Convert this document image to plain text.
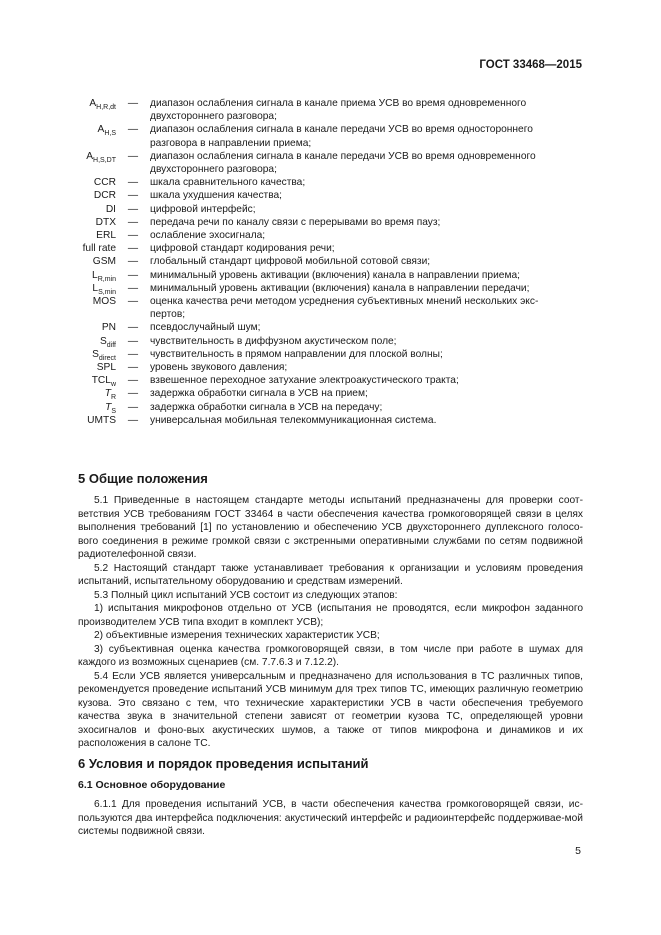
ГОСТ 33468—2015
$A_{H,R,dt}$	—	диапазон ослабления сигнала в канале приема УСВ во время одновременного
двухстороннего разговора;
$A_{H,S}$	—	диапазон ослабления сигнала в канале передачи УСВ во время одностороннего
разговора в направлении приема;
$A_{H,S,DT}$	—	диапазон ослабления сигнала в канале передачи УСВ во время одновременного
двухстороннего разговора;
CCR	—	шкала сравнительного качества;
DCR	—	шкала ухудшения качества;
DI	—	цифровой интерфейс;
DTX	—	передача речи по каналу связи с перерывами во время пауз;
ERL	—	ослабление эхосигнала;
full rate	—	цифровой стандарт кодирования речи;
GSM	—	глобальный стандарт цифровой мобильной сотовой связи;
$L_{R,min}$	—	минимальный уровень активации (включения) канала в направлении приема;
$L_{S,min}$	—	минимальный уровень активации (включения) канала в направлении передачи;
MOS	—	оценка качества речи методом усреднения субъективных мнений нескольких экс-
пертов;
PN	—	псевдослучайный шум;
$S_{diff}$	—	чувствительность в диффузном акустическом поле;
$S_{direct}$	—	чувствительность в прямом направлении для плоской волны;
SPL	—	уровень звукового давления;
$TCL_w$	—	взвешенное переходное затухание электроакустического тракта;
$T_R$	—	задержка обработки сигнала в УСВ на прием;
$T_S$	—	задержка обработки сигнала в УСВ на передачу;
UMTS	—	универсальная мобильная телекоммуникационная система.
5 Общие положения

5.1 Приведенные в настоящем стандарте методы испытаний предназначены для проверки соот-ветствия УСВ требованиям ГОСТ 33464 в части обеспечения качества громкоговорящей связи в целях выполнения требований [1] по установлению и обеспечению УСВ двухстороннего дуплексного голосо-вого соединения в режиме громкой связи с экстренными оперативными службами по сетям подвижной радиотелефонной связи.

5.2 Настоящий стандарт также устанавливает требования к организации и условиям проведения испытаний, испытательному оборудованию и средствам измерений.

5.3 Полный цикл испытаний УСВ состоит из следующих этапов:

1) испытания микрофонов отдельно от УСВ (испытания не проводятся, если микрофон заданного производителем УСВ типа входит в комплект УСВ);

2) объективные измерения технических характеристик УСВ;

3) субъективная оценка качества громкоговорящей связи, в том числе при работе в шумах для каждого из возможных сценариев (см. 7.7.6.3 и 7.12.2).

5.4 Если УСВ является универсальным и предназначено для использования в ТС различных типов, рекомендуется проведение испытаний УСВ минимум для трех типов ТС, имеющих различную геометрию кузова. Это связано с тем, что технические характеристики УСВ в части обеспечения требуемого качества звука в значительной степени зависят от геометрии кузова ТС, определяющей уровни эхосигналов и фоно-вых акустических шумов, а также от типов микрофона и динамиков и их расположения в салоне ТС.

6 Условия и порядок проведения испытаний
6.1 Основное оборудование

6.1.1 Для проведения испытаний УСВ, в части обеспечения качества громкоговорящей связи, ис-пользуются два интерфейса подключения: акустический интерфейс и радиоинтерфейс поддерживае-мой системы подвижной связи.

5
